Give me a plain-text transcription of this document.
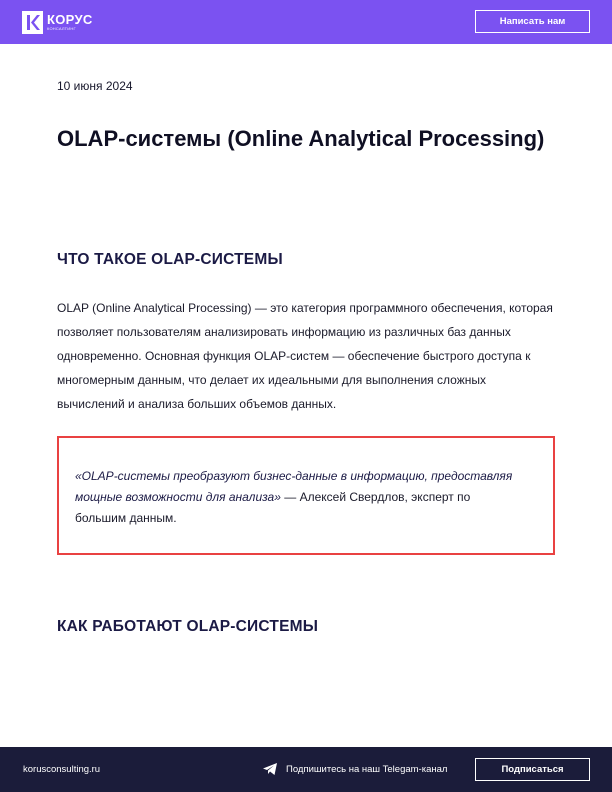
КОРУС
КОНСАЛТИНГ
Написать нам
10 июня 2024
OLAP-системы (Online Analytical Processing)
ЧТО ТАКОЕ OLAP-СИСТЕМЫ

OLAP (Online Analytical Processing) — это категория программного обеспечения, которая позволяет пользователям анализировать информацию из различных баз данных одновременно. Основная функция OLAP-систем — обеспечение быстрого доступа к многомерным данным, что делает их идеальными для выполнения сложных вычислений и анализа больших объемов данных.

«OLAP-системы преобразуют бизнес-данные в информацию, предоставляя мощные возможности для анализа» — Алексей Свердлов, эксперт по большим данным.

КАК РАБОТАЮТ OLAP-СИСТЕМЫ
korusconsulting.ru	Подпишитесь на наш Telegam-канал	Подписаться
